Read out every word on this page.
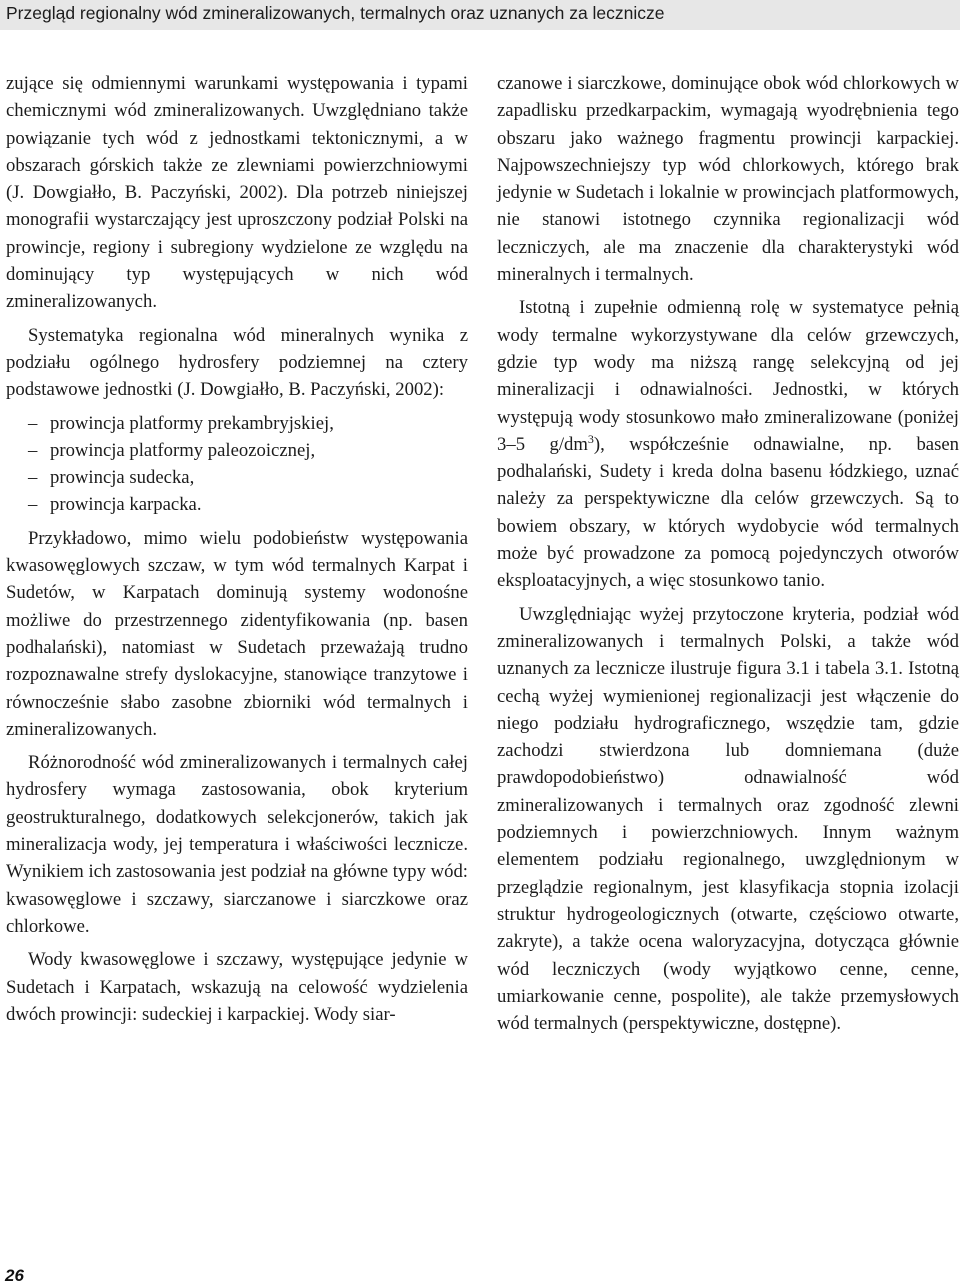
Przegląd regionalny wód zmineralizowanych, termalnych oraz uznanych za lecznicze

zujące się odmiennymi warunkami występowania i typami chemicznymi wód zmineralizowanych. Uwzględniano także powiązanie tych wód z jednostkami tektonicznymi, a w obszarach górskich także ze zlewniami powierzchniowymi (J. Dowgiałło, B. Paczyński, 2002). Dla potrzeb niniejszej monografii wystarczający jest uproszczony podział Polski na prowincje, regiony i subregiony wydzielone ze względu na dominujący typ występujących w nich wód zmineralizowanych.

Systematyka regionalna wód mineralnych wynika z podziału ogólnego hydrosfery podziemnej na cztery podstawowe jednostki (J. Dowgiałło, B. Paczyński, 2002):

– prowincja platformy prekambryjskiej,
– prowincja platformy paleozoicznej,
– prowincja sudecka,
– prowincja karpacka.

Przykładowo, mimo wielu podobieństw występowania kwasowęglowych szczaw, w tym wód termalnych Karpat i Sudetów, w Karpatach dominują systemy wodonośne możliwe do przestrzennego zidentyfikowania (np. basen podhalański), natomiast w Sudetach przeważają trudno rozpoznawalne strefy dyslokacyjne, stanowiące tranzytowe i równocześnie słabo zasobne zbiorniki wód termalnych i zmineralizowanych.

Różnorodność wód zmineralizowanych i termalnych całej hydrosfery wymaga zastosowania, obok kryterium geostrukturalnego, dodatkowych selekcjonerów, takich jak mineralizacja wody, jej temperatura i właściwości lecznicze. Wynikiem ich zastosowania jest podział na główne typy wód: kwasowęglowe i szczawy, siarczanowe i siarczkowe oraz chlorkowe.

Wody kwasowęglowe i szczawy, występujące jedynie w Sudetach i Karpatach, wskazują na celowość wydzielenia dwóch prowincji: sudeckiej i karpackiej. Wody siar-

czanowe i siarczkowe, dominujące obok wód chlorkowych w zapadlisku przedkarpackim, wymagają wyodrębnienia tego obszaru jako ważnego fragmentu prowincji karpackiej. Najpowszechniejszy typ wód chlorkowych, którego brak jedynie w Sudetach i lokalnie w prowincjach platformowych, nie stanowi istotnego czynnika regionalizacji wód leczniczych, ale ma znaczenie dla charakterystyki wód mineralnych i termalnych.

Istotną i zupełnie odmienną rolę w systematyce pełnią wody termalne wykorzystywane dla celów grzewczych, gdzie typ wody ma niższą rangę selekcyjną od jej mineralizacji i odnawialności. Jednostki, w których występują wody stosunkowo mało zmineralizowane (poniżej 3–5 $g/dm^3$), współcześnie odnawialne, np. basen podhalański, Sudety i kreda dolna basenu łódzkiego, uznać należy za perspektywiczne dla celów grzewczych. Są to bowiem obszary, w których wydobycie wód termalnych może być prowadzone za pomocą pojedynczych otworów eksploatacyjnych, a więc stosunkowo tanio.

Uwzględniając wyżej przytoczone kryteria, podział wód zmineralizowanych i termalnych Polski, a także wód uznanych za lecznicze ilustruje figura 3.1 i tabela 3.1. Istotną cechą wyżej wymienionej regionalizacji jest włączenie do niego podziału hydrograficznego, wszędzie tam, gdzie zachodzi stwierdzona lub domniemana (duże prawdopodobieństwo) odnawialność wód zmineralizowanych i termalnych oraz zgodność zlewni podziemnych i powierzchniowych. Innym ważnym elementem podziału regionalnego, uwzględnionym w przeglądzie regionalnym, jest klasyfikacja stopnia izolacji struktur hydrogeologicznych (otwarte, częściowo otwarte, zakryte), a także ocena waloryzacyjna, dotycząca głównie wód leczniczych (wody wyjątkowo cenne, cenne, umiarkowanie cenne, pospolite), ale także przemysłowych wód termalnych (perspektywiczne, dostępne).

26
